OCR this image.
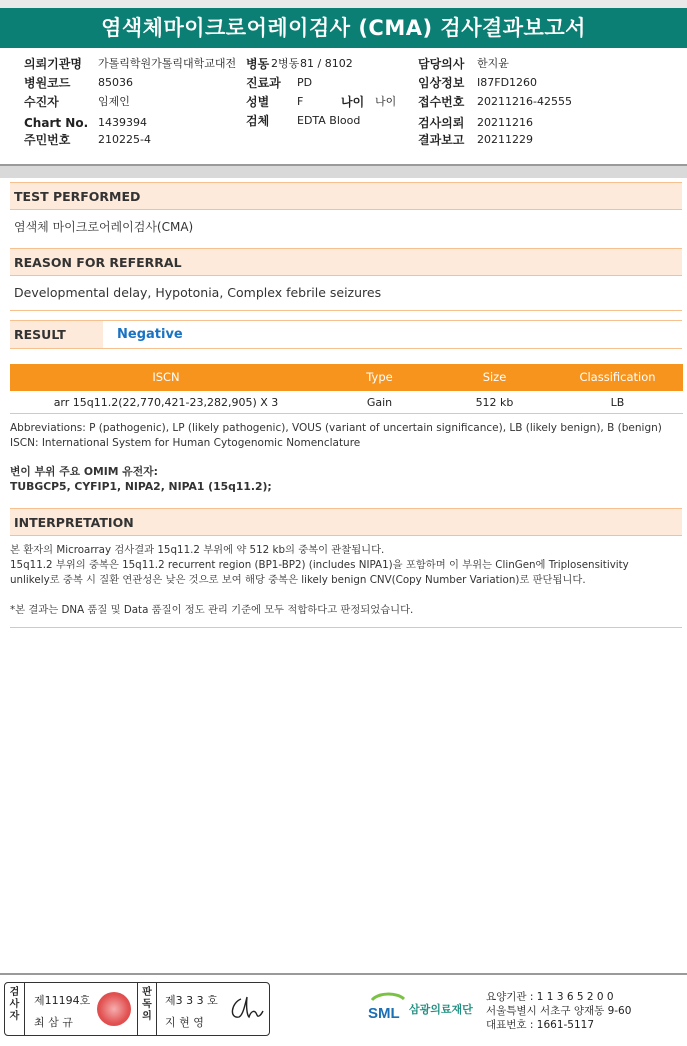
염색체마이크로어레이검사 (CMA) 검사결과보고서
의뢰기관명 가톨릭학원가톨릭대학교대전 병동 2병동 81 / 8102	담당의사 한지윤
병원코드	85036	진료과 PD	임상정보 I87FD1260
수진자	임제인	성별	F	나이 나이 접수번호 20211216-42555
Chart No. 1439394	검체	EDTA Blood	검사의뢰 20211216
주민번호	210225-4	결과보고 20211229
TEST PERFORMED
염색체 마이크로어레이검사(CMA)
REASON FOR REFERRAL
Developmental delay, Hypotonia, Complex febrile seizures
RESULT	Negative
ISCN	Type	Size	Classification
arr 15q11.2(22,770,421-23,282,905) X 3	Gain	512 kb	LB
Abbreviations: P (pathogenic), LP (likely pathogenic), VOUS (variant of uncertain significance), LB (likely benign), B (benign)
ISCN: International System for Human Cytogenomic Nomenclature
변이 부위 주요 OMIM 유전자:
TUBGCP5, CYFIP1, NIPA2, NIPA1 (15q11.2);
INTERPRETATION
본 환자의 Microarray 검사결과 15q11.2 부위에 약 512 kb의 중복이 관찰됩니다.
15q11.2 부위의 중복은 15q11.2 recurrent region (BP1-BP2) (includes NIPA1)을 포함하며 이 부위는 ClinGen에 Triplosensitivity
unlikely로 중복 시 질환 연관성은 낮은 것으로 보여 해당 중복은 likely benign CNV(Copy Number Variation)로 판단됩니다.
*본 결과는 DNA 품질 및 Data 품질이 정도 관리 기준에 모두 적합하다고 판정되었습니다.
검사자
제11194호
최 삼 규
판독의
제3 3 3 호
지 현 영
SML 삼광의료재단
요양기관 : 1 1 3 6 5 2 0 0
서울특별시 서초구 양재동 9-60
대표번호 : 1661-5117
